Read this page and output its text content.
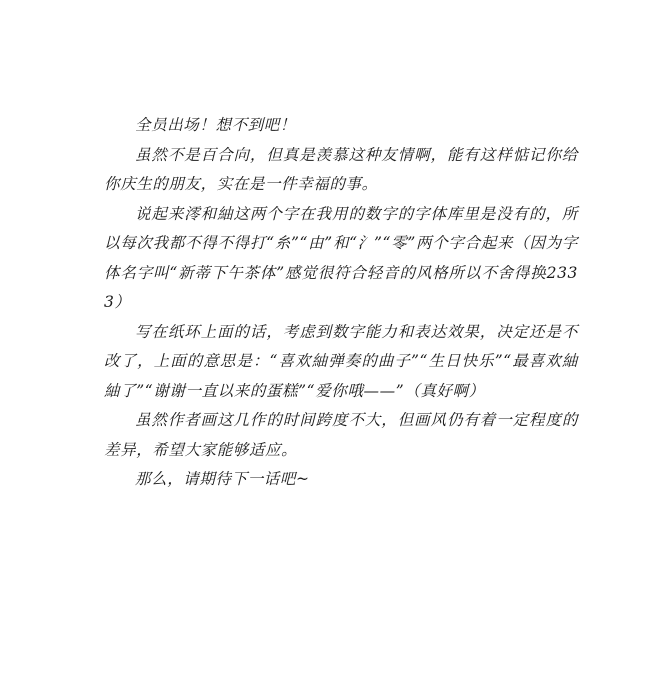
全员出场！想不到吧！

虽然不是百合向，但真是羡慕这种友情啊，能有这样惦记你给你庆生的朋友，实在是一件幸福的事。

说起来澪和紬这两个字在我用的数字的字体库里是没有的，所以每次我都不得不得打“糸”“由”和“氵”“零”两个字合起来（因为字体名字叫“新蒂下午茶体”感觉很符合轻音的风格所以不舍得换2333）

写在纸环上面的话，考虑到数字能力和表达效果，决定还是不改了，上面的意思是：“喜欢紬弹奏的曲子”“生日快乐”“最喜欢紬紬了”“谢谢一直以来的蛋糕”“爱你哦——”（真好啊）

虽然作者画这几作的时间跨度不大，但画风仍有着一定程度的差异，希望大家能够适应。

那么，请期待下一话吧~
